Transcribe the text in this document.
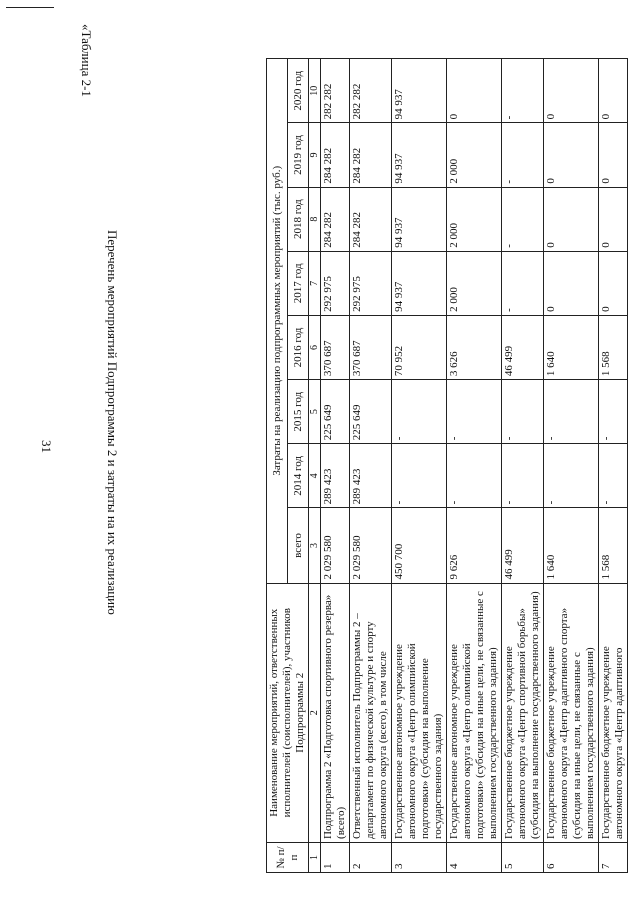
31
«Таблица 2-1
Перечень мероприятий Подпрограммы 2 и затраты на их реализацию
№ п/п	Наименование мероприятий, ответственных исполнителей (соисполнителей), участников Подпрограммы 2	Затраты на реализацию подпрограммных мероприятий (тыс. руб.)							
		всего	2014 год	2015 год	2016 год	2017 год	2018 год	2019 год	2020 год
1	2	3	4	5	6	7	8	9	10
1	Подпрограмма 2 «Подготовка спортивного резерва» (всего)	2 029 580	289 423	225 649	370 687	292 975	284 282	284 282	282 282
2	Ответственный исполнитель Подпрограммы 2 – департамент по физической культуре и спорту автономного округа (всего), в том числе	2 029 580	289 423	225 649	370 687	292 975	284 282	284 282	282 282
3	Государственное автономное учреждение автономного округа «Центр олимпийской подготовки» (субсидия на выполнение государственного задания)	450 700	-	-	70 952	94 937	94 937	94 937	94 937
4	Государственное автономное учреждение автономного округа «Центр олимпийской подготовки» (субсидия на иные цели, не связанные с выполнением государственного задания)	9 626	-	-	3 626	2 000	2 000	2 000	0
5	Государственное бюджетное учреждение автономного округа «Центр спортивной борьбы» (субсидия на выполнение государственного задания)	46 499	-	-	46 499	-	-	-	-
6	Государственное бюджетное учреждение автономного округа «Центр адаптивного спорта» (субсидия на иные цели, не связанные с выполнением государственного задания)	1 640	-	-	1 640	0	0	0	0
7	Государственное бюджетное учреждение автономного округа «Центр адаптивного	1 568	-	-	1 568	0	0	0	0
